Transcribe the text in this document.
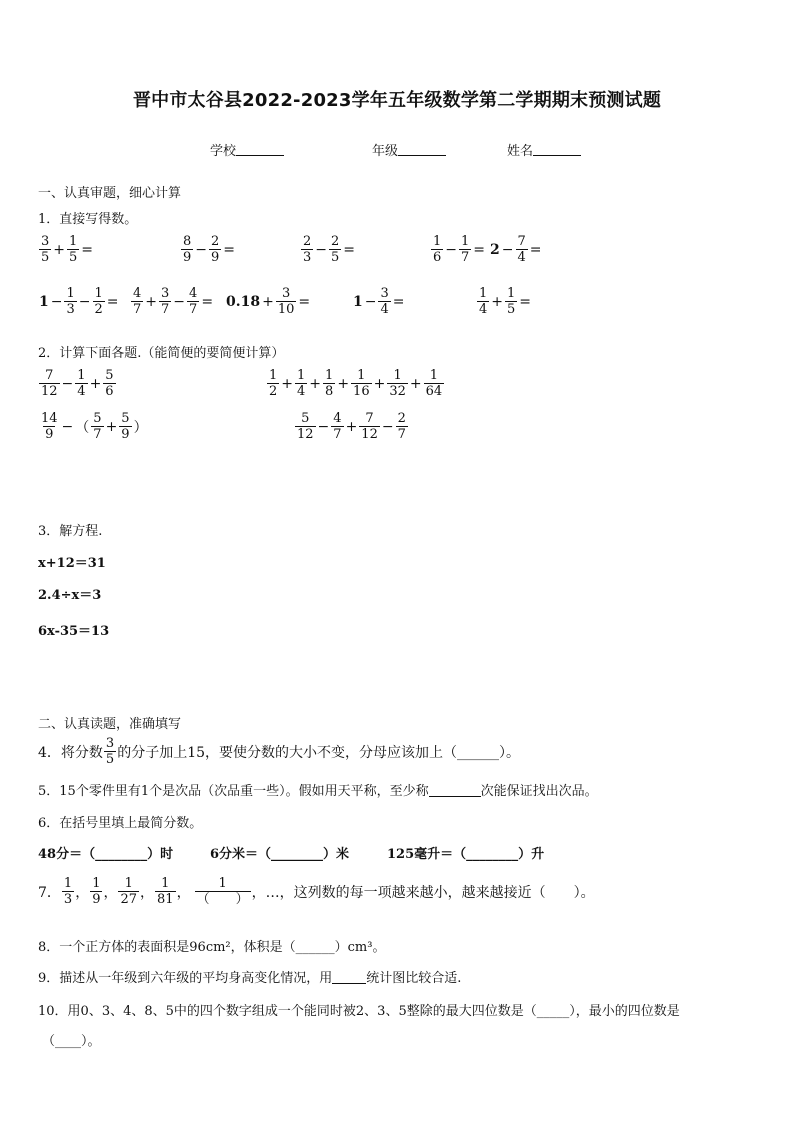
晋中市太谷县2022-2023学年五年级数学第二学期期末预测试题
学校	年级	姓名
一、认真审题，细心计算
1．直接写得数。
$\frac{3}{5} + \frac{1}{5}$ =	$\frac{8}{9} - \frac{2}{9}$ =	$\frac{2}{3} - \frac{2}{5}$ =	$\frac{1}{6} - \frac{1}{7} = 2 - \frac{7}{4}$ =
$1 - \frac{1}{3} - \frac{1}{2} = \frac{4}{7} + \frac{3}{7} - \frac{4}{7} = 0.18 + \frac{3}{10}$ =	$1 - \frac{3}{4}$ =	$\frac{1}{4} + \frac{1}{5}$ =
2．计算下面各题.（能简便的要简便计算）
$\frac{7}{12} - \frac{1}{4} + \frac{5}{6}$	$\frac{1}{2} + \frac{1}{4} + \frac{1}{8} + \frac{1}{16} + \frac{1}{32} + \frac{1}{64}$
$\frac{14}{9}$ − （ $\frac{5}{7} + \frac{5}{9}$ ）	$\frac{5}{12} - \frac{4}{7} + \frac{7}{12} - \frac{2}{7}$
3．解方程.
x+12＝31
2.4÷x＝3
6x-35＝13
二、认真读题，准确填写
4．将分数 $\frac{3}{5}$ 的分子加上15，要使分数的大小不变，分母应该加上（______）。
5．15个零件里有1个是次品（次品重一些）。假如用天平称，至少称	次能保证找出次品。
6．在括号里填上最简分数。
48分＝（________）时	6分米＝（________）米	125毫升＝（________）升
7． $\frac{1}{3}$ ， $\frac{1}{9}$ ， $\frac{1}{27}$ ， $\frac{1}{81}$ ， $\frac{1}{( )}$ ，…，这列数的每一项越来越小，越来越接近（　　）。
8．一个正方体的表面积是96cm²，体积是（______）cm³。
9．描述从一年级到六年级的平均身高变化情况，用	统计图比较合适.
10．用0、3、4、8、5中的四个数字组成一个能同时被2、3、5整除的最大四位数是（_____），最小的四位数是
（____）。
